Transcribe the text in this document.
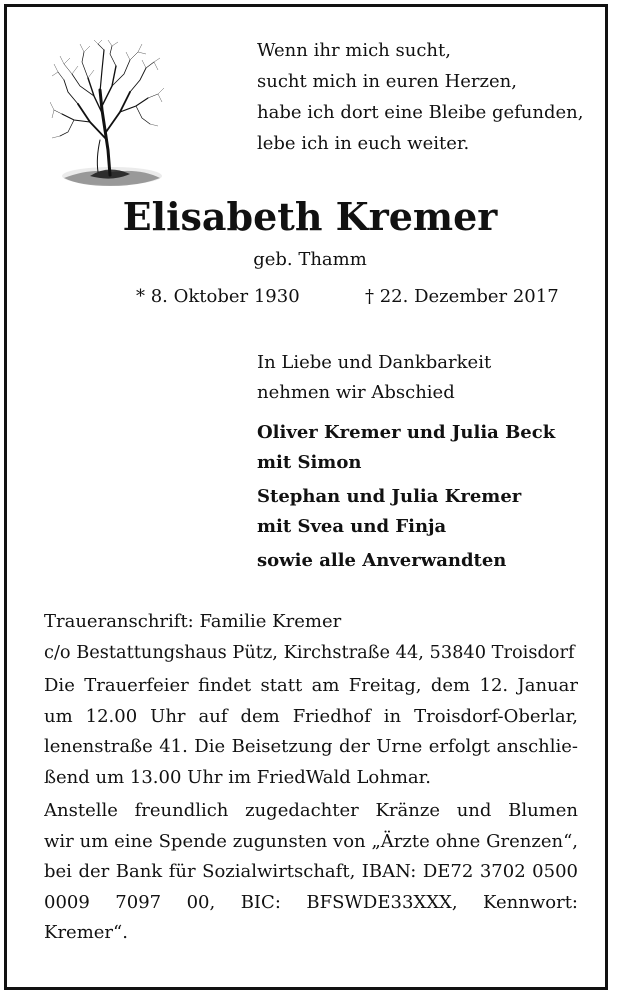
Wenn ihr mich sucht,
sucht mich in euren Herzen,
habe ich dort eine Bleibe gefunden,
lebe ich in euch weiter.
Elisabeth Kremer
geb. Thamm
* 8. Oktober 1930	† 22. Dezember 2017
In Liebe und Dankbarkeit
nehmen wir Abschied
Oliver Kremer und Julia Beck
mit Simon
Stephan und Julia Kremer
mit Svea und Finja
sowie alle Anverwandten
Traueranschrift: Familie Kremer
c/o Bestattungshaus Pütz, Kirchstraße 44, 53840 Troisdorf
Die Trauerfeier findet statt am Freitag, dem 12. Januar
um 12.00 Uhr auf dem Friedhof in Troisdorf-Oberlar,
lenenstraße 41. Die Beisetzung der Urne erfolgt anschlie-
ßend um 13.00 Uhr im FriedWald Lohmar.
Anstelle freundlich zugedachter Kränze und Blumen
wir um eine Spende zugunsten von „Ärzte ohne Grenzen“,
bei der Bank für Sozialwirtschaft, IBAN: DE72 3702 0500
0009 7097 00, BIC: BFSWDE33XXX, Kennwort:
Kremer“.
